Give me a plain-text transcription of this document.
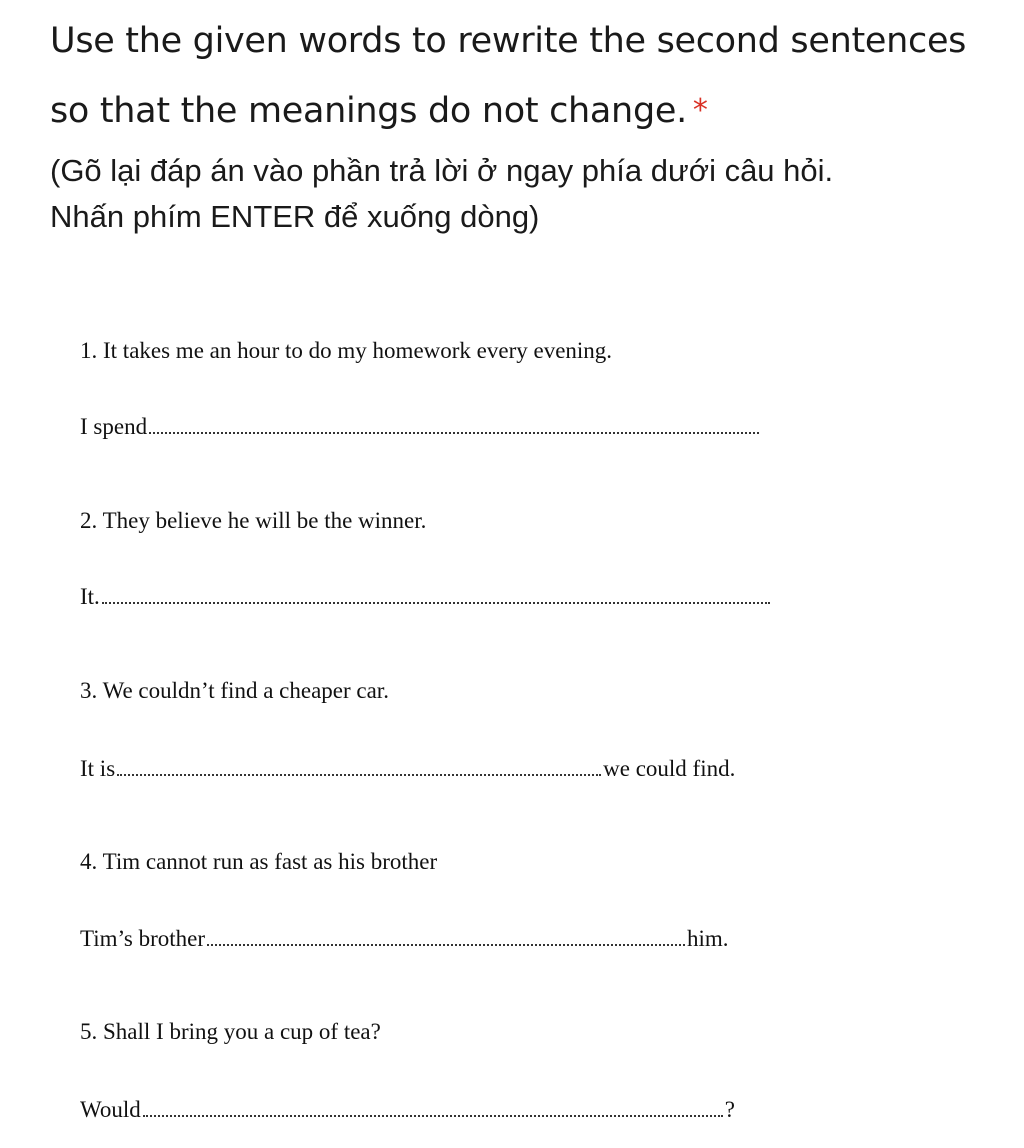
Use the given words to rewrite the second sentences so that the meanings do not change. *

(Gõ lại đáp án vào phần trả lời ở ngay phía dưới câu hỏi.
Nhấn phím ENTER để xuống dòng)
1. It takes me an hour to do my homework every evening.
I spend
2. They believe he will be the winner.
It.
3. We couldn’t find a cheaper car.
It is	we could find.
4. Tim cannot run as fast as his brother
Tim’s brother	him.
5. Shall I bring you a cup of tea?
Would	?
